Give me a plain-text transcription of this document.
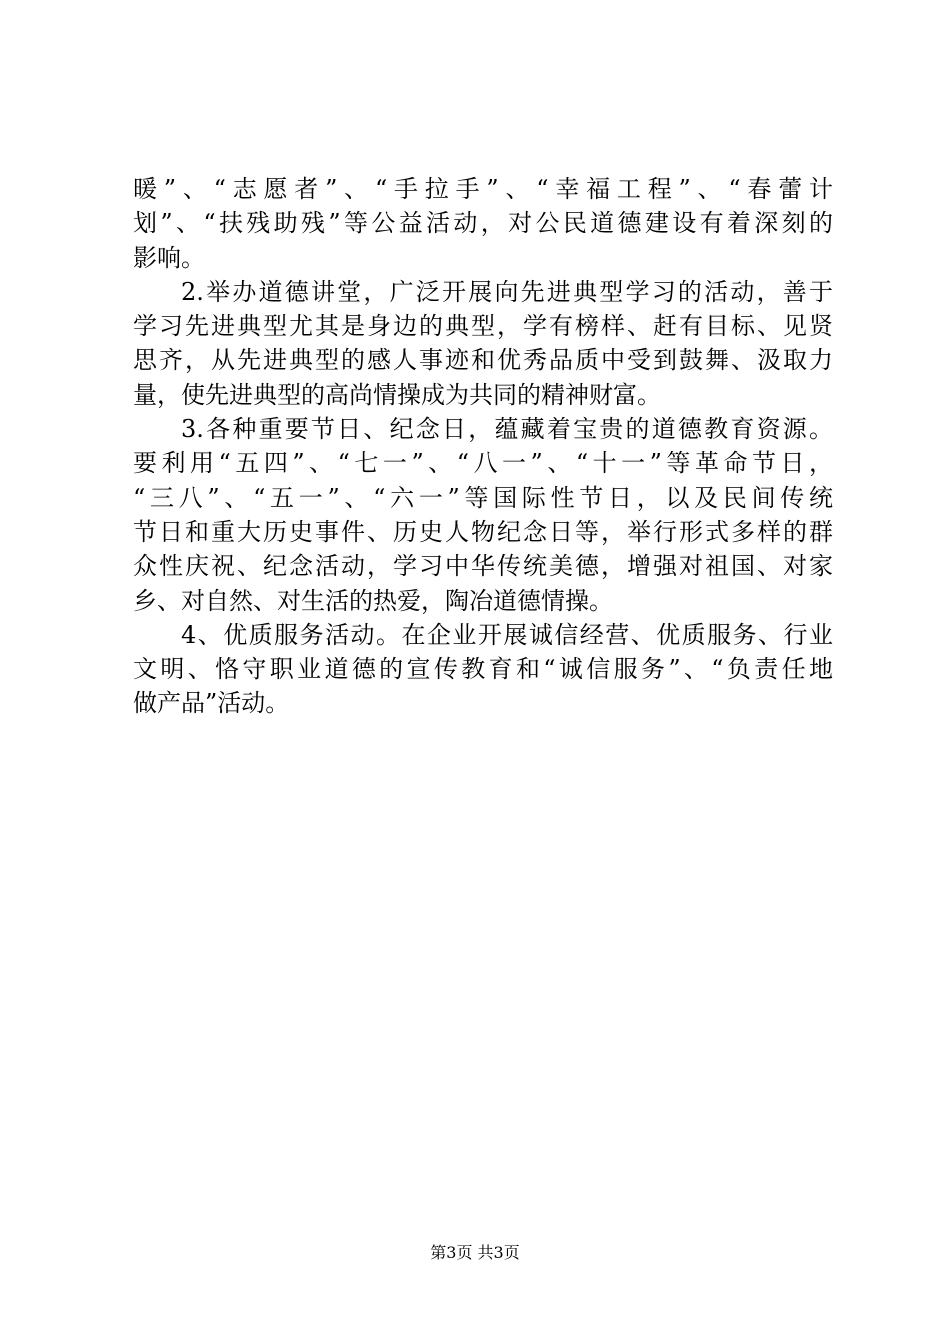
暖”、“志愿者”、“手拉手”、“幸福工程”、“春蕾计
划”、“扶残助残”等公益活动，对公民道德建设有着深刻的
影响。
2.举办道德讲堂，广泛开展向先进典型学习的活动，善于
学习先进典型尤其是身边的典型，学有榜样、赶有目标、见贤
思齐，从先进典型的感人事迹和优秀品质中受到鼓舞、汲取力
量，使先进典型的高尚情操成为共同的精神财富。
3.各种重要节日、纪念日，蕴藏着宝贵的道德教育资源。
要利用“五四”、“七一”、“八一”、“十一”等革命节日，
“三八”、“五一”、“六一”等国际性节日，以及民间传统
节日和重大历史事件、历史人物纪念日等，举行形式多样的群
众性庆祝、纪念活动，学习中华传统美德，增强对祖国、对家
乡、对自然、对生活的热爱，陶冶道德情操。
4、优质服务活动。在企业开展诚信经营、优质服务、行业
文明、恪守职业道德的宣传教育和“诚信服务”、“负责任地
做产品”活动。
第3页 共3页
